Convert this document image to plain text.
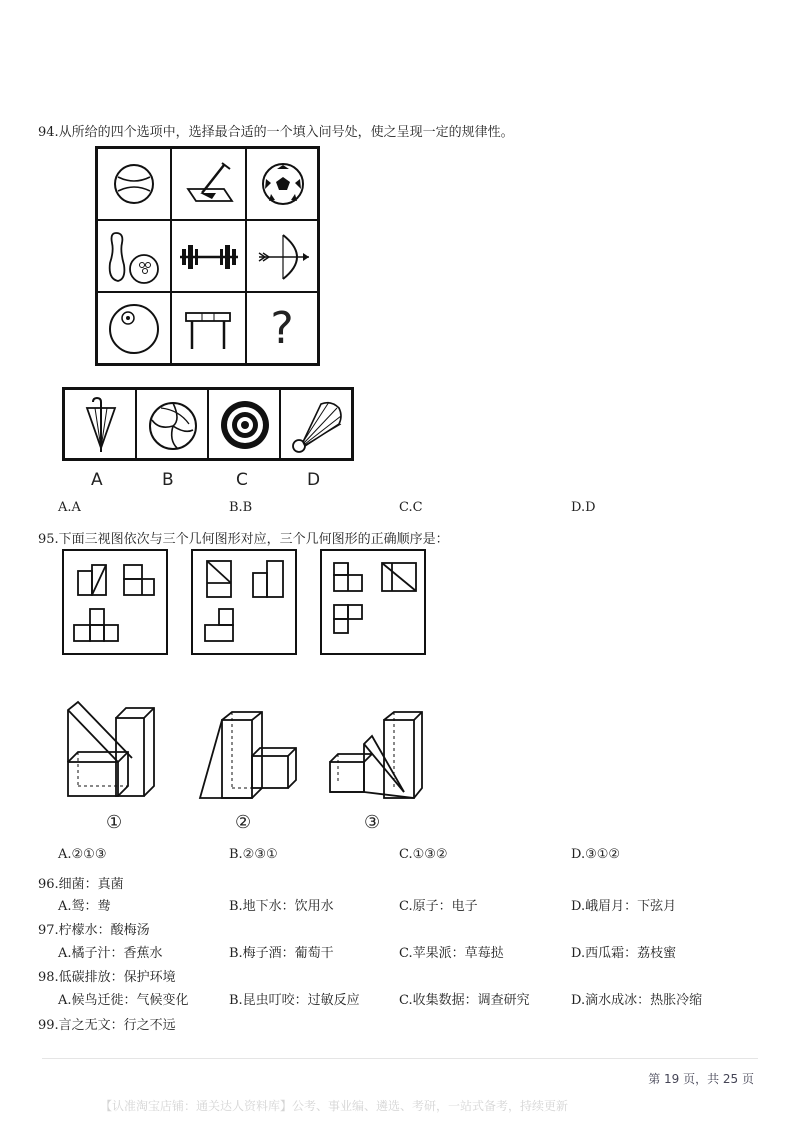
94.从所给的四个选项中，选择最合适的一个填入问号处，使之呈现一定的规律性。
?
A	B	C	D
A.A	B.B	C.C	D.D
95.下面三视图依次与三个几何图形对应，三个几何图形的正确顺序是：
①	②	③
A.②①③	B.②③①	C.①③②	D.③①②
96.细菌：真菌
A.鸳：鸯	B.地下水：饮用水	C.原子：电子	D.峨眉月：下弦月
97.柠檬水：酸梅汤
A.橘子汁：香蕉水	B.梅子酒：葡萄干	C.苹果派：草莓挞	D.西瓜霜：荔枝蜜
98.低碳排放：保护环境
A.候鸟迁徙：气候变化	B.昆虫叮咬：过敏反应	C.收集数据：调查研究	D.滴水成冰：热胀冷缩
99.言之无文：行之不远
第 19 页，共 25 页
【认准淘宝店铺：通关达人资料库】公考、事业编、遴选、考研，一站式备考，持续更新
